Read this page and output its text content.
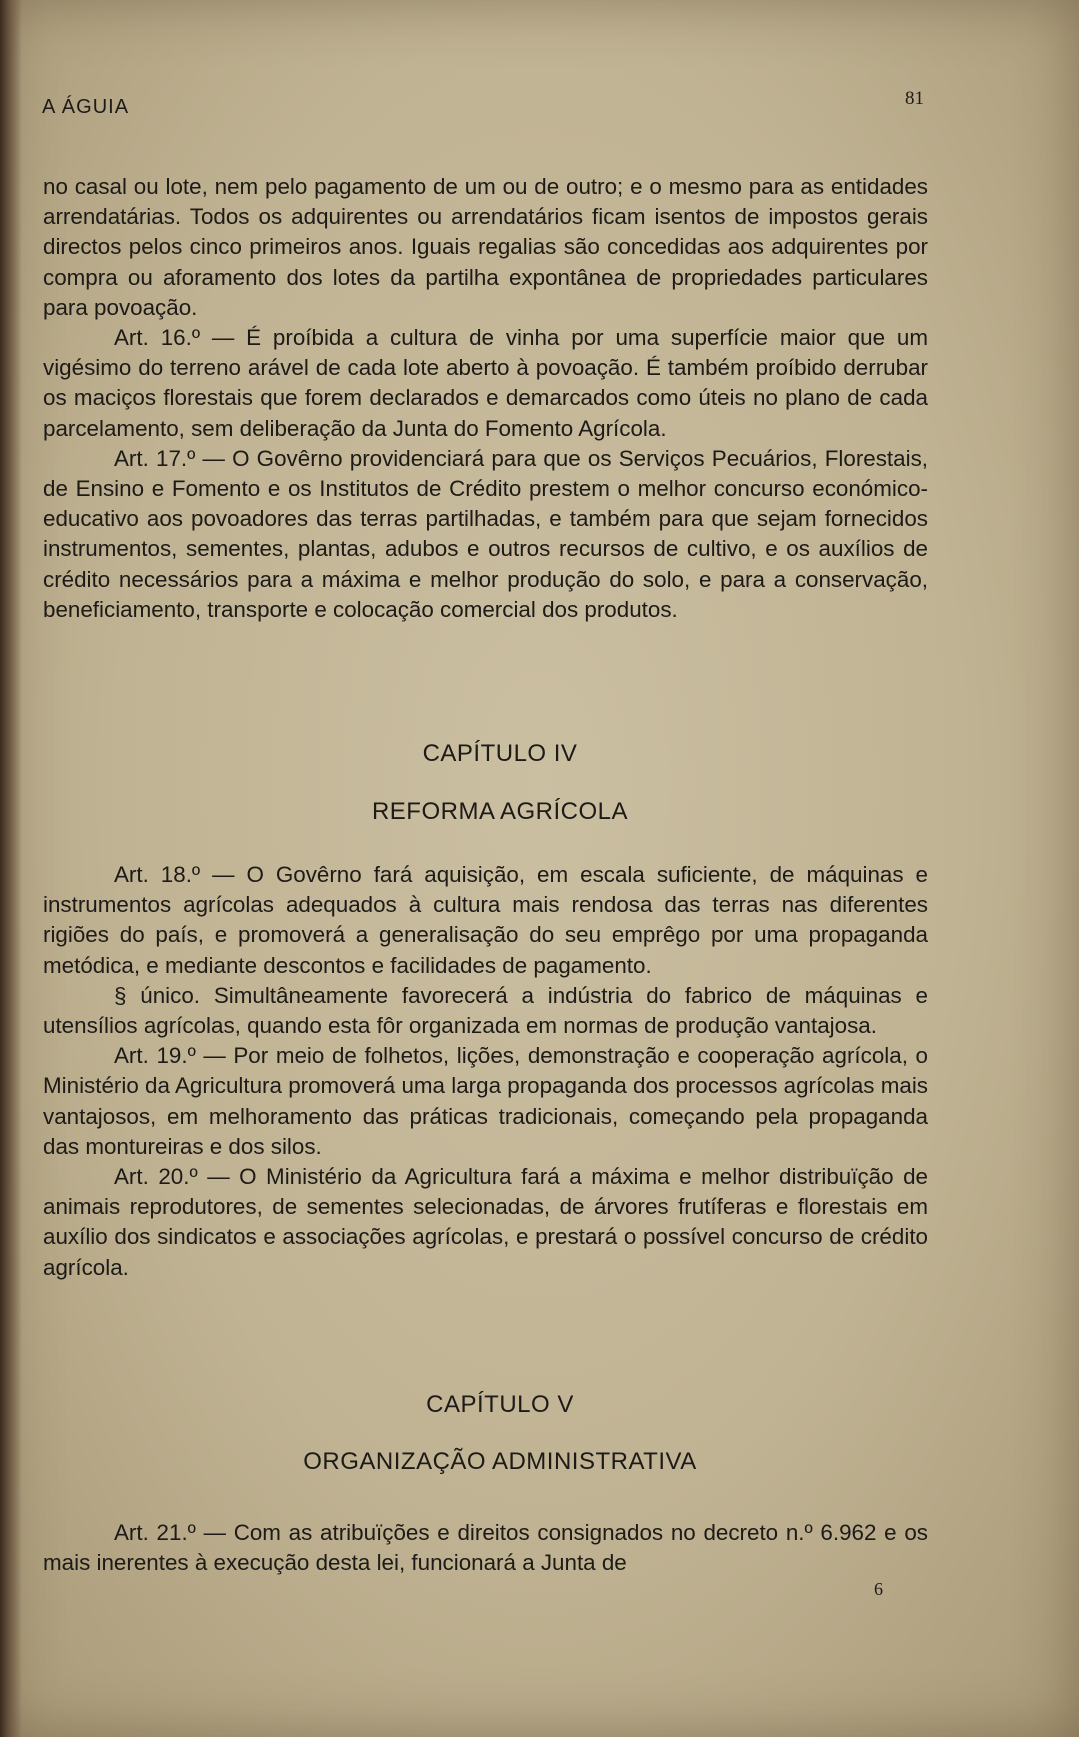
A ÁGUIA	81

no casal ou lote, nem pelo pagamento de um ou de outro; e o mesmo para as entidades arrendatárias. Todos os adquirentes ou arrendatários ficam isentos de impostos gerais directos pelos cinco primeiros anos. Iguais regalias são concedidas aos adquirentes por compra ou aforamento dos lotes da partilha expontânea de propriedades particulares para povoação.

Art. 16.º — É proíbida a cultura de vinha por uma superfície maior que um vigésimo do terreno arável de cada lote aberto à povoação. É também proíbido derrubar os maciços florestais que forem declarados e demarcados como úteis no plano de cada parcelamento, sem deliberação da Junta do Fomento Agrícola.

Art. 17.º — O Govêrno providenciará para que os Serviços Pecuários, Florestais, de Ensino e Fomento e os Institutos de Crédito prestem o melhor concurso económico-educativo aos povoadores das terras partilhadas, e também para que sejam fornecidos instrumentos, sementes, plantas, adubos e outros recursos de cultivo, e os auxílios de crédito necessários para a máxima e melhor produção do solo, e para a conservação, beneficiamento, transporte e colocação comercial dos produtos.

CAPÍTULO IV
REFORMA AGRÍCOLA

Art. 18.º — O Govêrno fará aquisição, em escala suficiente, de máquinas e instrumentos agrícolas adequados à cultura mais rendosa das terras nas diferentes rigiões do país, e promoverá a generalisação do seu emprêgo por uma propaganda metódica, e mediante descontos e facilidades de pagamento.

§ único. Simultâneamente favorecerá a indústria do fabrico de máquinas e utensílios agrícolas, quando esta fôr organizada em normas de produção vantajosa.

Art. 19.º — Por meio de folhetos, lições, demonstração e cooperação agrícola, o Ministério da Agricultura promoverá uma larga propaganda dos processos agrícolas mais vantajosos, em melhoramento das práticas tradicionais, começando pela propaganda das montureiras e dos silos.

Art. 20.º — O Ministério da Agricultura fará a máxima e melhor distribuïção de animais reprodutores, de sementes selecionadas, de árvores frutíferas e florestais em auxílio dos sindicatos e associações agrícolas, e prestará o possível concurso de crédito agrícola.

CAPÍTULO V
ORGANIZAÇÃO ADMINISTRATIVA

Art. 21.º — Com as atribuïções e direitos consignados no decreto n.º 6.962 e os mais inerentes à execução desta lei, funcionará a Junta de

6
